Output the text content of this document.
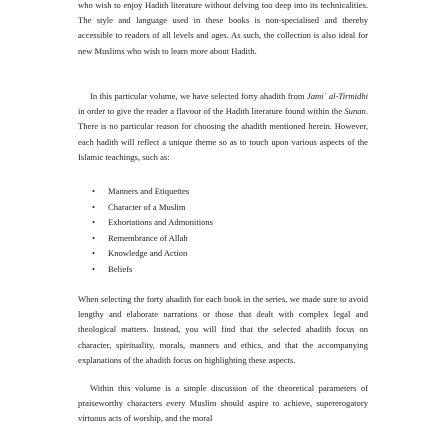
who wish to enjoy Hadith literature without delving too deep into its technicalities. The style and language used in these books is non-specialised and thereby accessible to readers of all levels and ages. As such, the collection is also ideal for new Muslims who wish to learn more about Hadith.

In this particular volume, we have selected forty ahadith from Jamiʿ al-Tirmidhi in order to give the reader a flavour of the Hadith literature found within the Sunan. There is no particular reason for choosing the ahadith mentioned herein. However, each hadith will reflect a unique theme so as to touch upon various aspects of the Islamic teachings, such as:

• Manners and Etiquettes
• Character of a Muslim
• Exhortations and Admonitions
• Remembrance of Allah
• Knowledge and Action
• Beliefs

When selecting the forty ahadith for each book in the series, we made sure to avoid lengthy and elaborate narrations or those that dealt with complex legal and theological matters. Instead, you will find that the selected ahadith focus on character, spirituality, morals, manners and ethics, and that the accompanying explanations of the ahadith focus on highlighting these aspects.

Within this volume is a simple discussion of the theoretical parameters of praiseworthy characters every Muslim should aspire to achieve, supererogatory virtuous acts of worship, and the moral
